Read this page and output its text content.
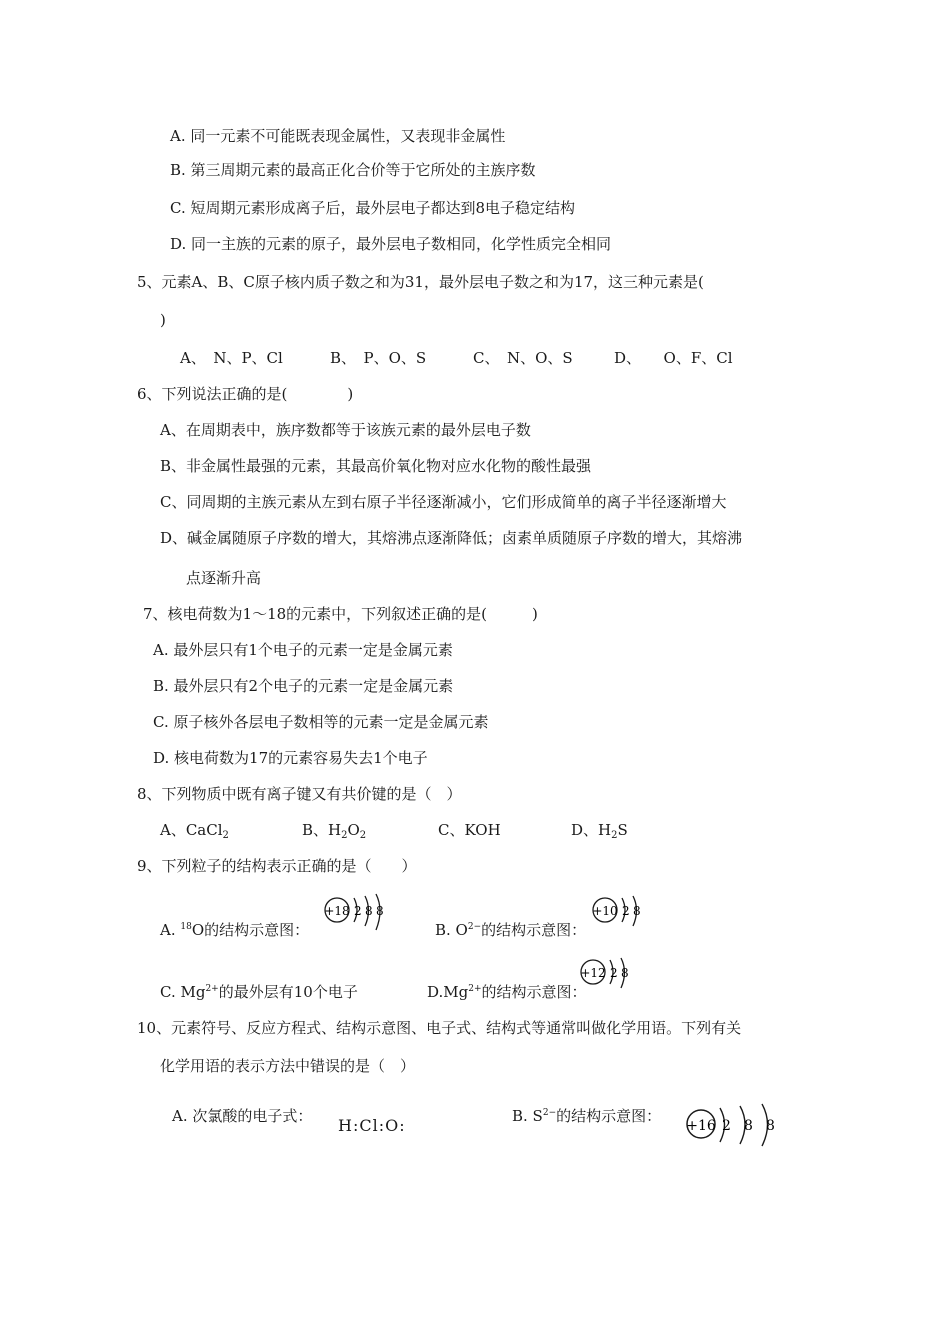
A. 同一元素不可能既表现金属性，又表现非金属性
B. 第三周期元素的最高正化合价等于它所处的主族序数
C. 短周期元素形成离子后，最外层电子都达到8电子稳定结构
D. 同一主族的元素的原子，最外层电子数相同，化学性质完全相同
5、元素A、B、C原子核内质子数之和为31，最外层电子数之和为17，这三种元素是(
)
A、　N、P、Cl	B、　P、O、S	C、　N、O、S	D、　　O、F、Cl
6、下列说法正确的是(　　　　)
A、在周期表中，族序数都等于该族元素的最外层电子数
B、非金属性最强的元素，其最高价氧化物对应水化物的酸性最强
C、同周期的主族元素从左到右原子半径逐渐减小，它们形成简单的离子半径逐渐增大
D、碱金属随原子序数的增大，其熔沸点逐渐降低；卤素单质随原子序数的增大，其熔沸
点逐渐升高
7、核电荷数为1～18的元素中，下列叙述正确的是(　　　)
A. 最外层只有1个电子的元素一定是金属元素
B. 最外层只有2个电子的元素一定是金属元素
C. 原子核外各层电子数相等的元素一定是金属元素
D. 核电荷数为17的元素容易失去1个电子
8、下列物质中既有离子键又有共价键的是（　）
A、CaCl$_2$	B、$H_2O_2$	C、KOH	D、$H_2S$
9、下列粒子的结构表示正确的是（　　）
A. $^{18}$O的结构示意图：
+18 2 8 8
B. $O^{2-}$的结构示意图：
+10 2 8
C. $Mg^{2+}$的最外层有10个电子	$D.Mg^{2+}$的结构示意图：
+12 2 8
10、元素符号、反应方程式、结构示意图、电子式、结构式等通常叫做化学用语。下列有关
化学用语的表示方法中错误的是（　）
A. 次氯酸的电子式： H:Cl:O:	B. $S^{2-}$的结构示意图：
+16 2 8 8
